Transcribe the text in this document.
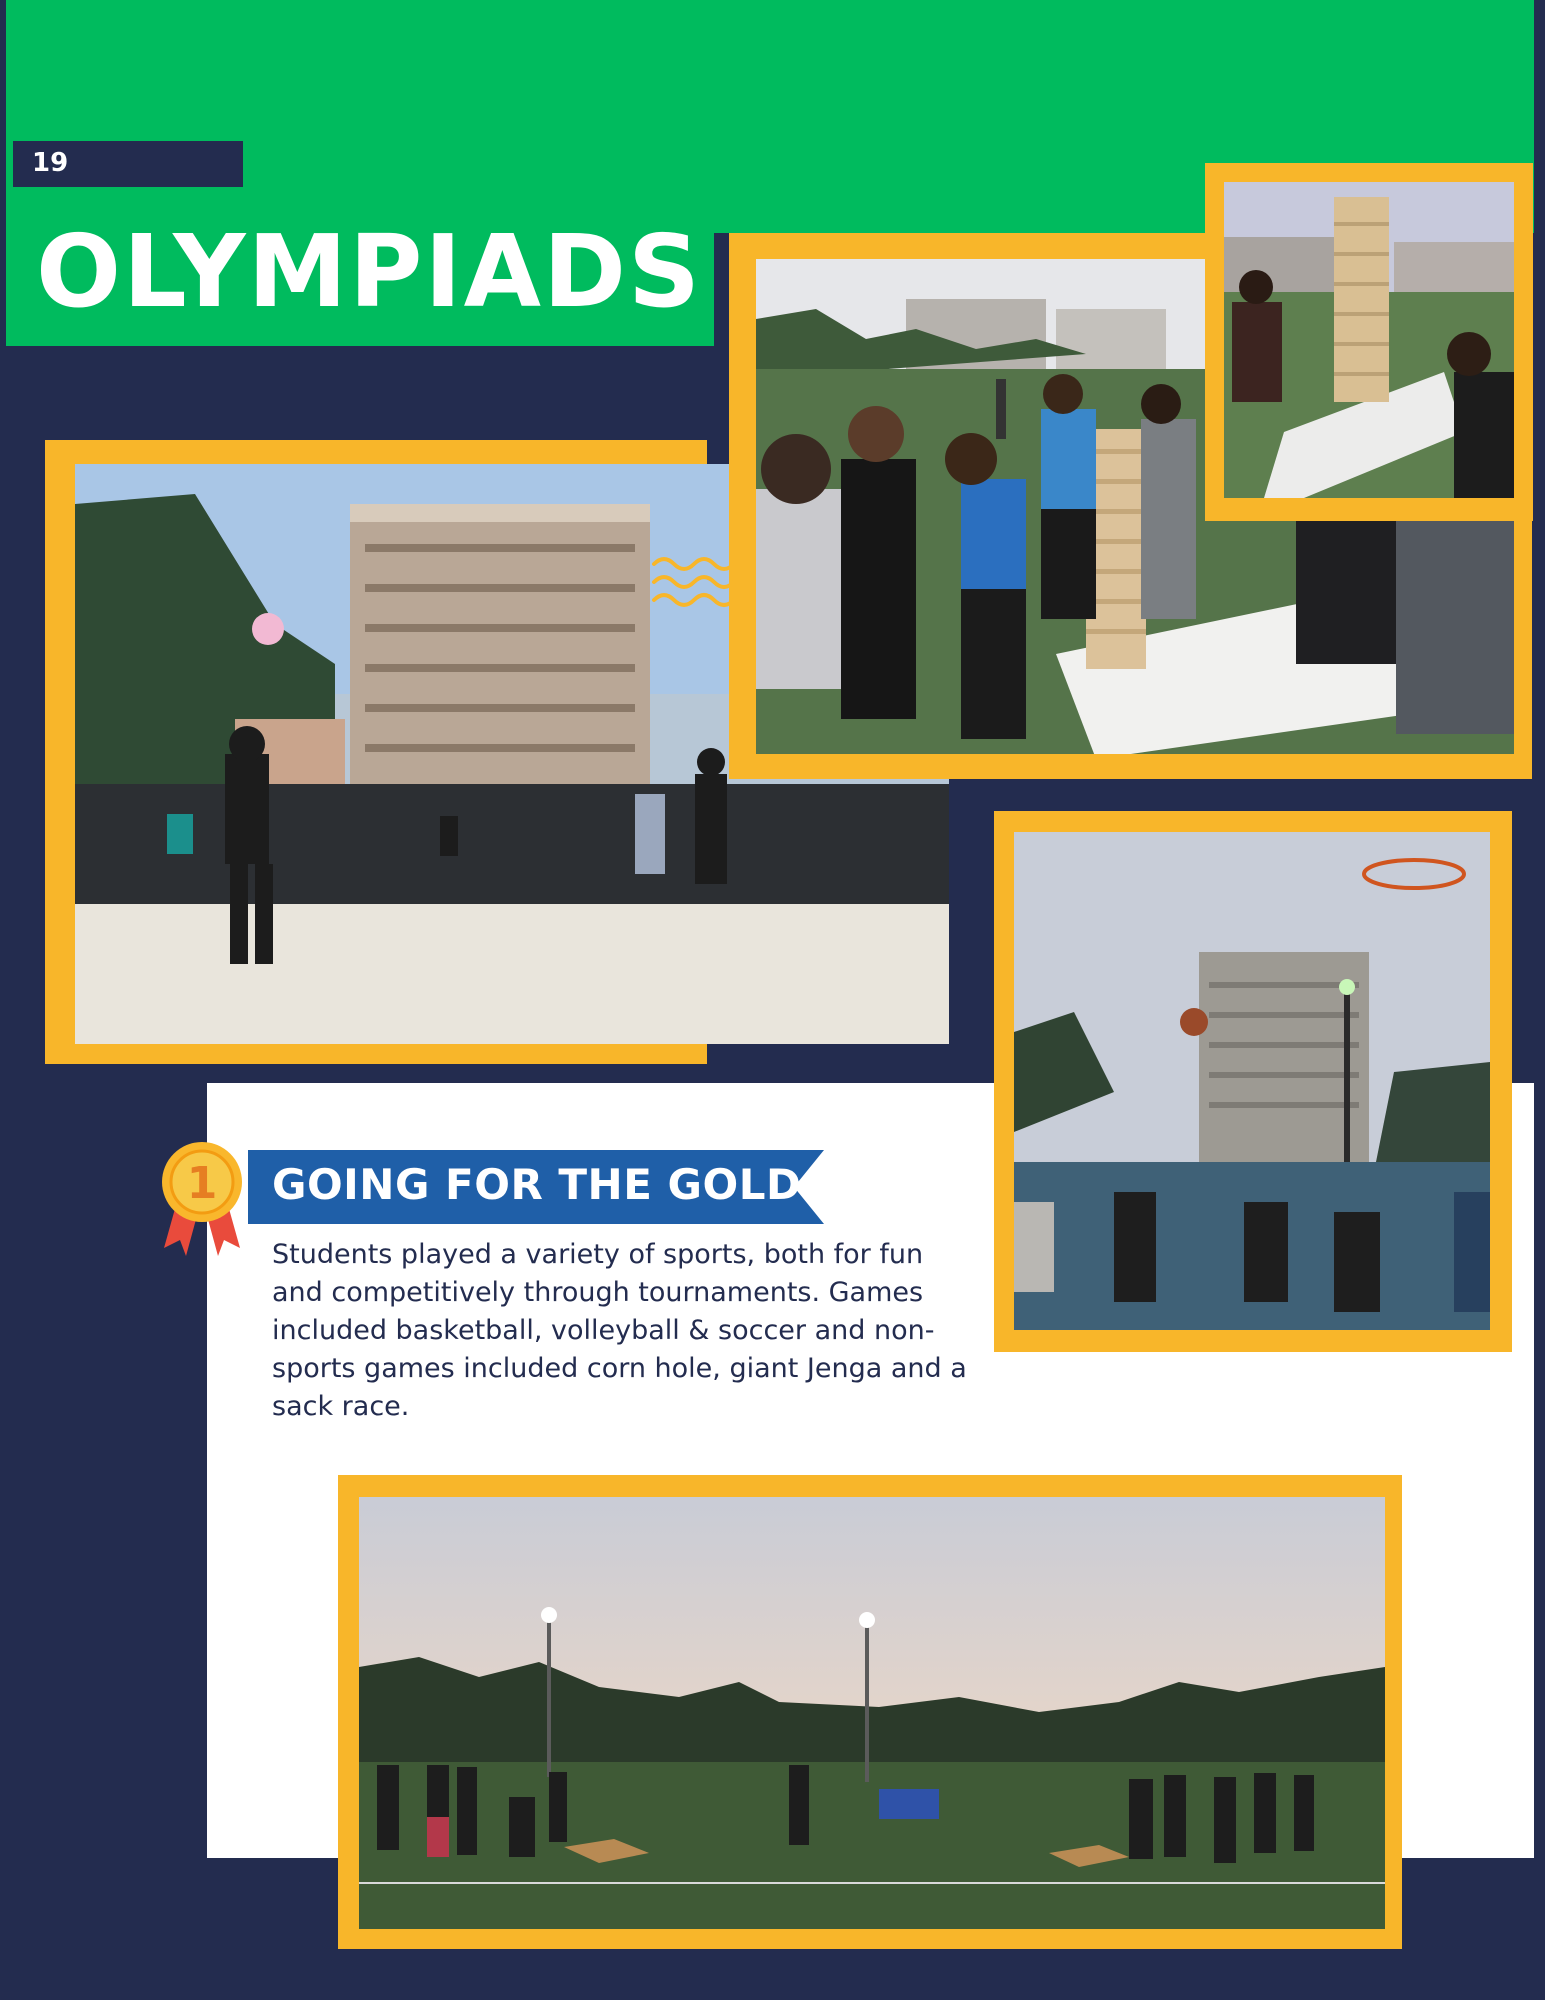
19
OLYMPIADS
1 GOING FOR THE GOLD

Students played a variety of sports, both for fun and competitively through tournaments. Games included basketball, volleyball & soccer and non-sports games included corn hole, giant Jenga and a sack race.
